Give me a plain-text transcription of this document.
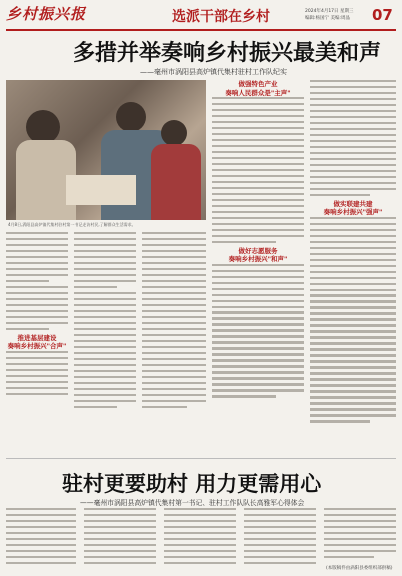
乡村振兴报	选派干部在乡村	2024年4月17日 星期三
编辑:杨国宁 美编:周晶 07
多措并举奏响乡村振兴最美和声
——毫州市涡阳县高炉镇代集村驻村工作队纪实
4月8日,涡阳县高炉镇代集村驻村第一书记走访村民,了解群众生活需求。
推进基层建设
奏响乡村振兴"合声"
做强特色产业
奏响人民群众是"主声"
做好志愿服务
奏响乡村振兴"和声"
做实联建共建
奏响乡村振兴"强声"
驻村更要助村 用力更需用心
——毫州市涡阳县高炉镇代集村第一书记、驻村工作队队长高雅军心得体会
(本版稿件由涡阳县委组织部供稿)
